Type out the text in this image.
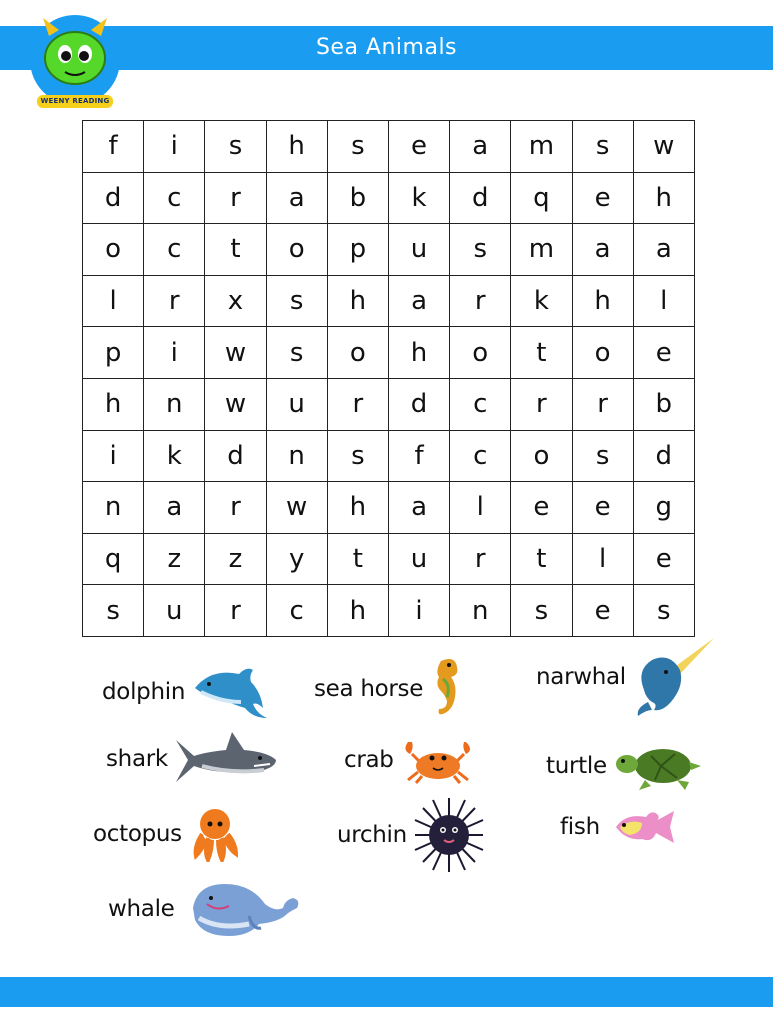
Sea Animals
WEENY READING
f	i	s	h	s	e	a	m	s	w
d	c	r	a	b	k	d	q	e	h
o	c	t	o	p	u	s	m	a	a
l	r	x	s	h	a	r	k	h	l
p	i	w	s	o	h	o	t	o	e
h	n	w	u	r	d	c	r	r	b
i	k	d	n	s	f	c	o	s	d
n	a	r	w	h	a	l	e	e	g
q	z	z	y	t	u	r	t	l	e
s	u	r	c	h	i	n	s	e	s
dolphin	sea horse	narwhal
shark	crab	turtle
octopus	urchin	fish
whale
